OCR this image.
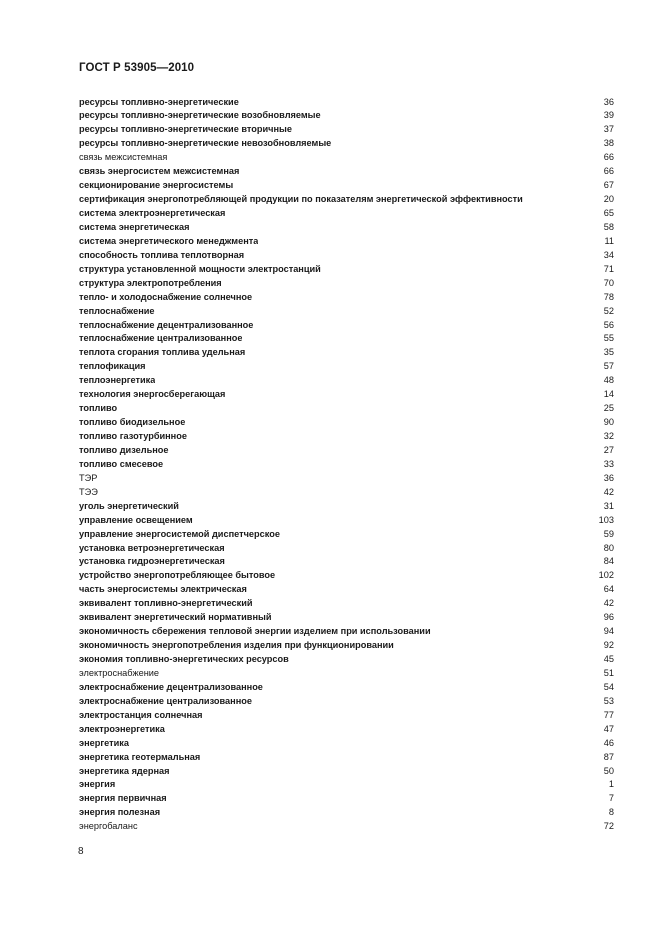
ГОСТ Р 53905—2010
ресурсы топливно-энергетические	36
ресурсы топливно-энергетические возобновляемые	39
ресурсы топливно-энергетические вторичные	37
ресурсы топливно-энергетические невозобновляемые	38
связь межсистемная	66
связь энергосистем межсистемная	66
секционирование энергосистемы	67
сертификация энергопотребляющей продукции по показателям энергетической эффективности	20
система электроэнергетическая	65
система энергетическая	58
система энергетического менеджмента	11
способность топлива теплотворная	34
структура установленной мощности электростанций	71
структура электропотребления	70
тепло- и холодоснабжение солнечное	78
теплоснабжение	52
теплоснабжение децентрализованное	56
теплоснабжение централизованное	55
теплота сгорания топлива удельная	35
теплофикация	57
теплоэнергетика	48
технология энергосберегающая	14
топливо	25
топливо биодизельное	90
топливо газотурбинное	32
топливо дизельное	27
топливо смесевое	33
ТЭР	36
ТЭЭ	42
уголь энергетический	31
управление освещением	103
управление энергосистемой диспетчерское	59
установка ветроэнергетическая	80
установка гидроэнергетическая	84
устройство энергопотребляющее бытовое	102
часть энергосистемы электрическая	64
эквивалент топливно-энергетический	42
эквивалент энергетический нормативный	96
экономичность сбережения тепловой энергии изделием при использовании	94
экономичность энергопотребления изделия при функционировании	92
экономия топливно-энергетических ресурсов	45
электроснабжение	51
электроснабжение децентрализованное	54
электроснабжение централизованное	53
электростанция солнечная	77
электроэнергетика	47
энергетика	46
энергетика геотермальная	87
энергетика ядерная	50
энергия	1
энергия первичная	7
энергия полезная	8
энергобаланс	72
8
